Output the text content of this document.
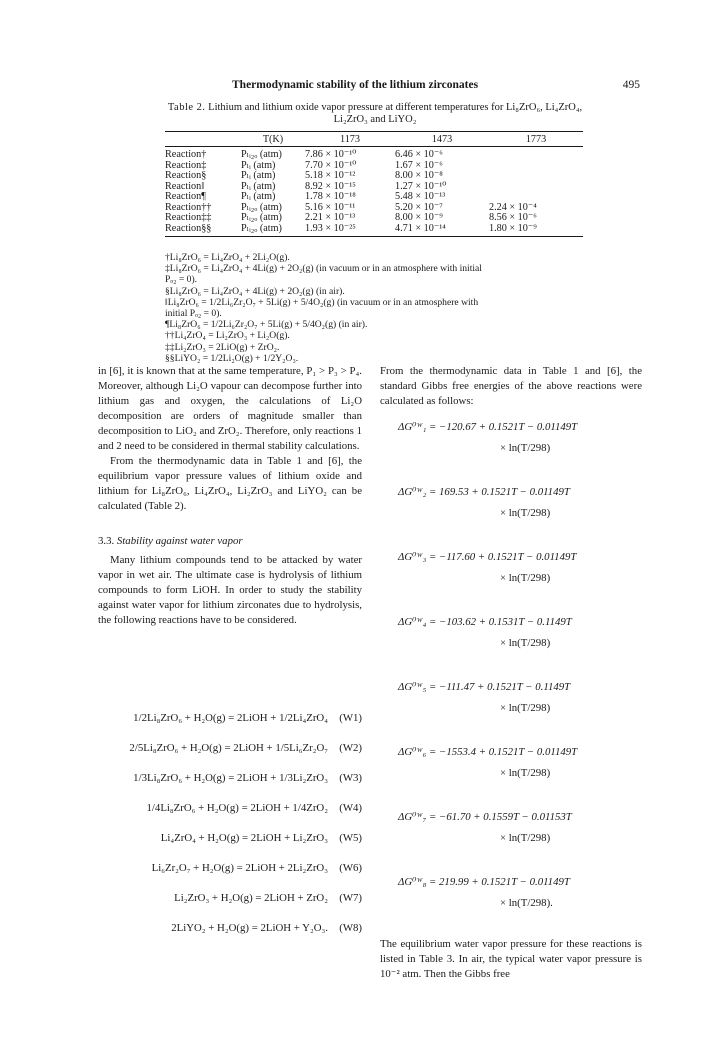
Thermodynamic stability of the lithium zirconates	495
Table 2. Lithium and lithium oxide vapor pressure at different temperatures for Li₈ZrO₆, Li₄ZrO₄, Li₂ZrO₃ and LiYO₂
	T(K)	1173	1473	1773
Reaction†	Pₗᵢ₂ₒ (atm)	7.86 × 10⁻¹⁰	6.46 × 10⁻⁶	
Reaction‡	Pₗᵢ (atm)	7.70 × 10⁻¹⁰	1.67 × 10⁻⁶	
Reaction§	Pₗᵢ (atm)	5.18 × 10⁻¹²	8.00 × 10⁻⁸	
Reaction‖	Pₗᵢ (atm)	8.92 × 10⁻¹⁵	1.27 × 10⁻¹⁰	
Reaction¶	Pₗᵢ (atm)	1.78 × 10⁻¹⁸	5.48 × 10⁻¹³	
Reaction††	Pₗᵢ₂ₒ (atm)	5.16 × 10⁻¹¹	5.20 × 10⁻⁷	2.24 × 10⁻⁴
Reaction‡‡	Pₗᵢ₂ₒ (atm)	2.21 × 10⁻¹³	8.00 × 10⁻⁹	8.56 × 10⁻⁶
Reaction§§	Pₗᵢ₂ₒ (atm)	1.93 × 10⁻²⁵	4.71 × 10⁻¹⁴	1.80 × 10⁻⁹
†Li₈ZrO₆ = Li₄ZrO₄ + 2Li₂O(g).
‡Li₈ZrO₆ = Li₄ZrO₄ + 4Li(g) + 2O₂(g) (in vacuum or in an atmosphere with initial
Pₒ₂ = 0).
§Li₈ZrO₆ = Li₄ZrO₄ + 4Li(g) + 2O₂(g) (in air).
‖Li₈ZrO₆ = 1/2Li₆Zr₂O₇ + 5Li(g) + 5/4O₂(g) (in vacuum or in an atmosphere with
initial Pₒ₂ = 0).
¶Li₈ZrO₆ = 1/2Li₆Zr₂O₇ + 5Li(g) + 5/4O₂(g) (in air).
††Li₄ZrO₄ = Li₂ZrO₃ + Li₂O(g).
‡‡Li₂ZrO₃ = 2LiO(g) + ZrO₂.
§§LiYO₂ = 1/2Li₂O(g) + 1/2Y₂O₃.

in [6], it is known that at the same temperature, P₁ > P₃ > P₄. Moreover, although Li₂O vapour can decompose further into lithium gas and oxygen, the calculations of Li₂O decomposition are orders of magnitude smaller than decomposition to LiO₂ and ZrO₂. Therefore, only reactions 1 and 2 need to be considered in thermal stability calculations.

From the thermodynamic data in Table 1 and [6], the equilibrium vapor pressure values of lithium oxide and lithium for Li₈ZrO₆, Li₄ZrO₄, Li₂ZrO₃ and LiYO₂ can be calculated (Table 2).

3.3. Stability against water vapor

Many lithium compounds tend to be attacked by water vapor in wet air. The ultimate case is hydrolysis of lithium compounds to form LiOH. In order to study the stability against water vapor for lithium zirconates due to hydrolysis, the following reactions have to be considered.

1/2Li₈ZrO₆ + H₂O(g) = 2LiOH + 1/2Li₄ZrO₄ (W1)
2/5Li₈ZrO₆ + H₂O(g) = 2LiOH + 1/5Li₆Zr₂O₇ (W2)
1/3Li₈ZrO₆ + H₂O(g) = 2LiOH + 1/3Li₂ZrO₃ (W3)
1/4Li₈ZrO₆ + H₂O(g) = 2LiOH + 1/4ZrO₂ (W4)
Li₄ZrO₄ + H₂O(g) = 2LiOH + Li₂ZrO₃ (W5)
Li₆Zr₂O₇ + H₂O(g) = 2LiOH + 2Li₂ZrO₃ (W6)
Li₂ZrO₃ + H₂O(g) = 2LiOH + ZrO₂ (W7)
2LiYO₂ + H₂O(g) = 2LiOH + Y₂O₃. (W8)

From the thermodynamic data in Table 1 and [6], the standard Gibbs free energies of the above reactions were calculated as follows:

ΔG⁰ᵂ₁ = −120.67 + 0.1521T − 0.01149T
× ln(T/298)
ΔG⁰ᵂ₂ = 169.53 + 0.1521T − 0.01149T
× ln(T/298)
ΔG⁰ᵂ₃ = −117.60 + 0.1521T − 0.01149T
× ln(T/298)
ΔG⁰ᵂ₄ = −103.62 + 0.1531T − 0.1149T
× ln(T/298)
ΔG⁰ᵂ₅ = −111.47 + 0.1521T − 0.1149T
× ln(T/298)
ΔG⁰ᵂ₆ = −1553.4 + 0.1521T − 0.01149T
× ln(T/298)
ΔG⁰ᵂ₇ = −61.70 + 0.1559T − 0.01153T
× ln(T/298)
ΔG⁰ᵂ₈ = 219.99 + 0.1521T − 0.01149T
× ln(T/298).

The equilibrium water vapor pressure for these reactions is listed in Table 3. In air, the typical water vapor pressure is 10⁻² atm. Then the Gibbs free
